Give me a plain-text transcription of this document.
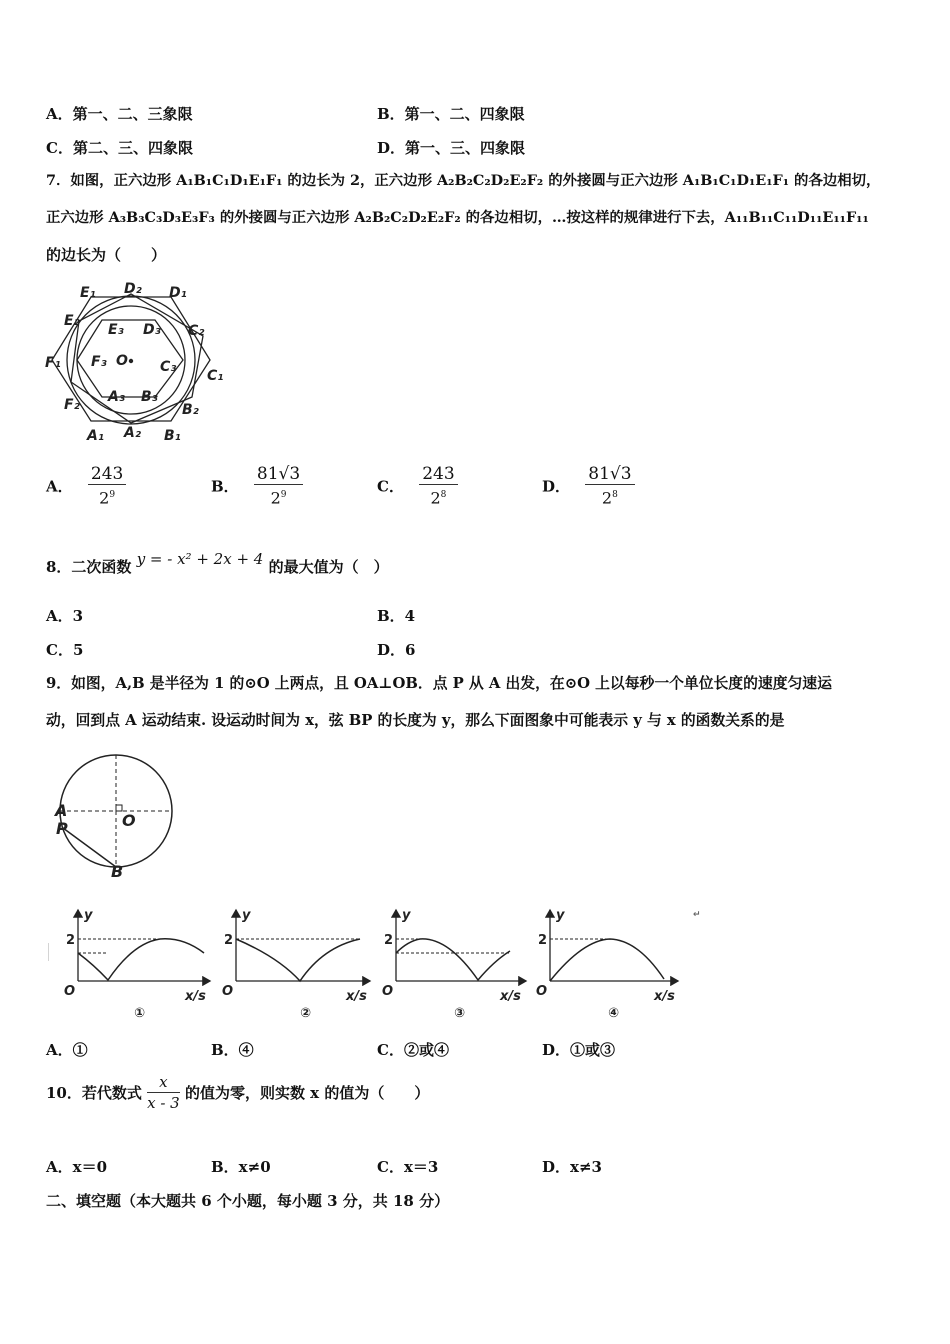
A．第一、二、三象限	B．第一、二、四象限
C．第二、三、四象限	D．第一、三、四象限
7．如图，正六边形 A₁B₁C₁D₁E₁F₁ 的边长为 2，正六边形 A₂B₂C₂D₂E₂F₂ 的外接圆与正六边形 A₁B₁C₁D₁E₁F₁ 的各边相切，
正六边形 A₃B₃C₃D₃E₃F₃ 的外接圆与正六边形 A₂B₂C₂D₂E₂F₂ 的各边相切，…按这样的规律进行下去，A₁₁B₁₁C₁₁D₁₁E₁₁F₁₁
的边长为（　　）
E₁ D₂ D₁
E₂
E₃ D₃ C₂
F₁ F₃ O C₃
C₁
F₂ A₃ B₃
B₂
A₁ A₂ B₁
A． $\frac{243}{2^9}$	B． $\frac{81√3}{2^9}$	C． $\frac{243}{2^8}$	D． $\frac{81√3}{2^8}$
8．二次函数 y = - x² + 2x + 4 的最大值为（　）
A．3	B．4
C．5	D．6
9．如图，A,B 是半径为 1 的⊙O 上两点，且 OA⊥OB．点 P 从 A 出发，在⊙O 上以每秒一个单位长度的速度匀速运
动，回到点 A 运动结束. 设运动时间为 x，弦 BP 的长度为 y，那么下面图象中可能表示 y 与 x 的函数关系的是
A
O
P
B
y
2
O	x/s
①
y
2
O	x/s
②
y
2
O	x/s
③
y
2
O	x/s
④
↵
A．①	B．④	C．②或④	D．①或③
10．若代数式 $\frac{x}{x - 3}$ 的值为零，则实数 x 的值为（　　）
A．x＝0	B．x≠0	C．x＝3	D．x≠3
二、填空题（本大题共 6 个小题，每小题 3 分，共 18 分）
